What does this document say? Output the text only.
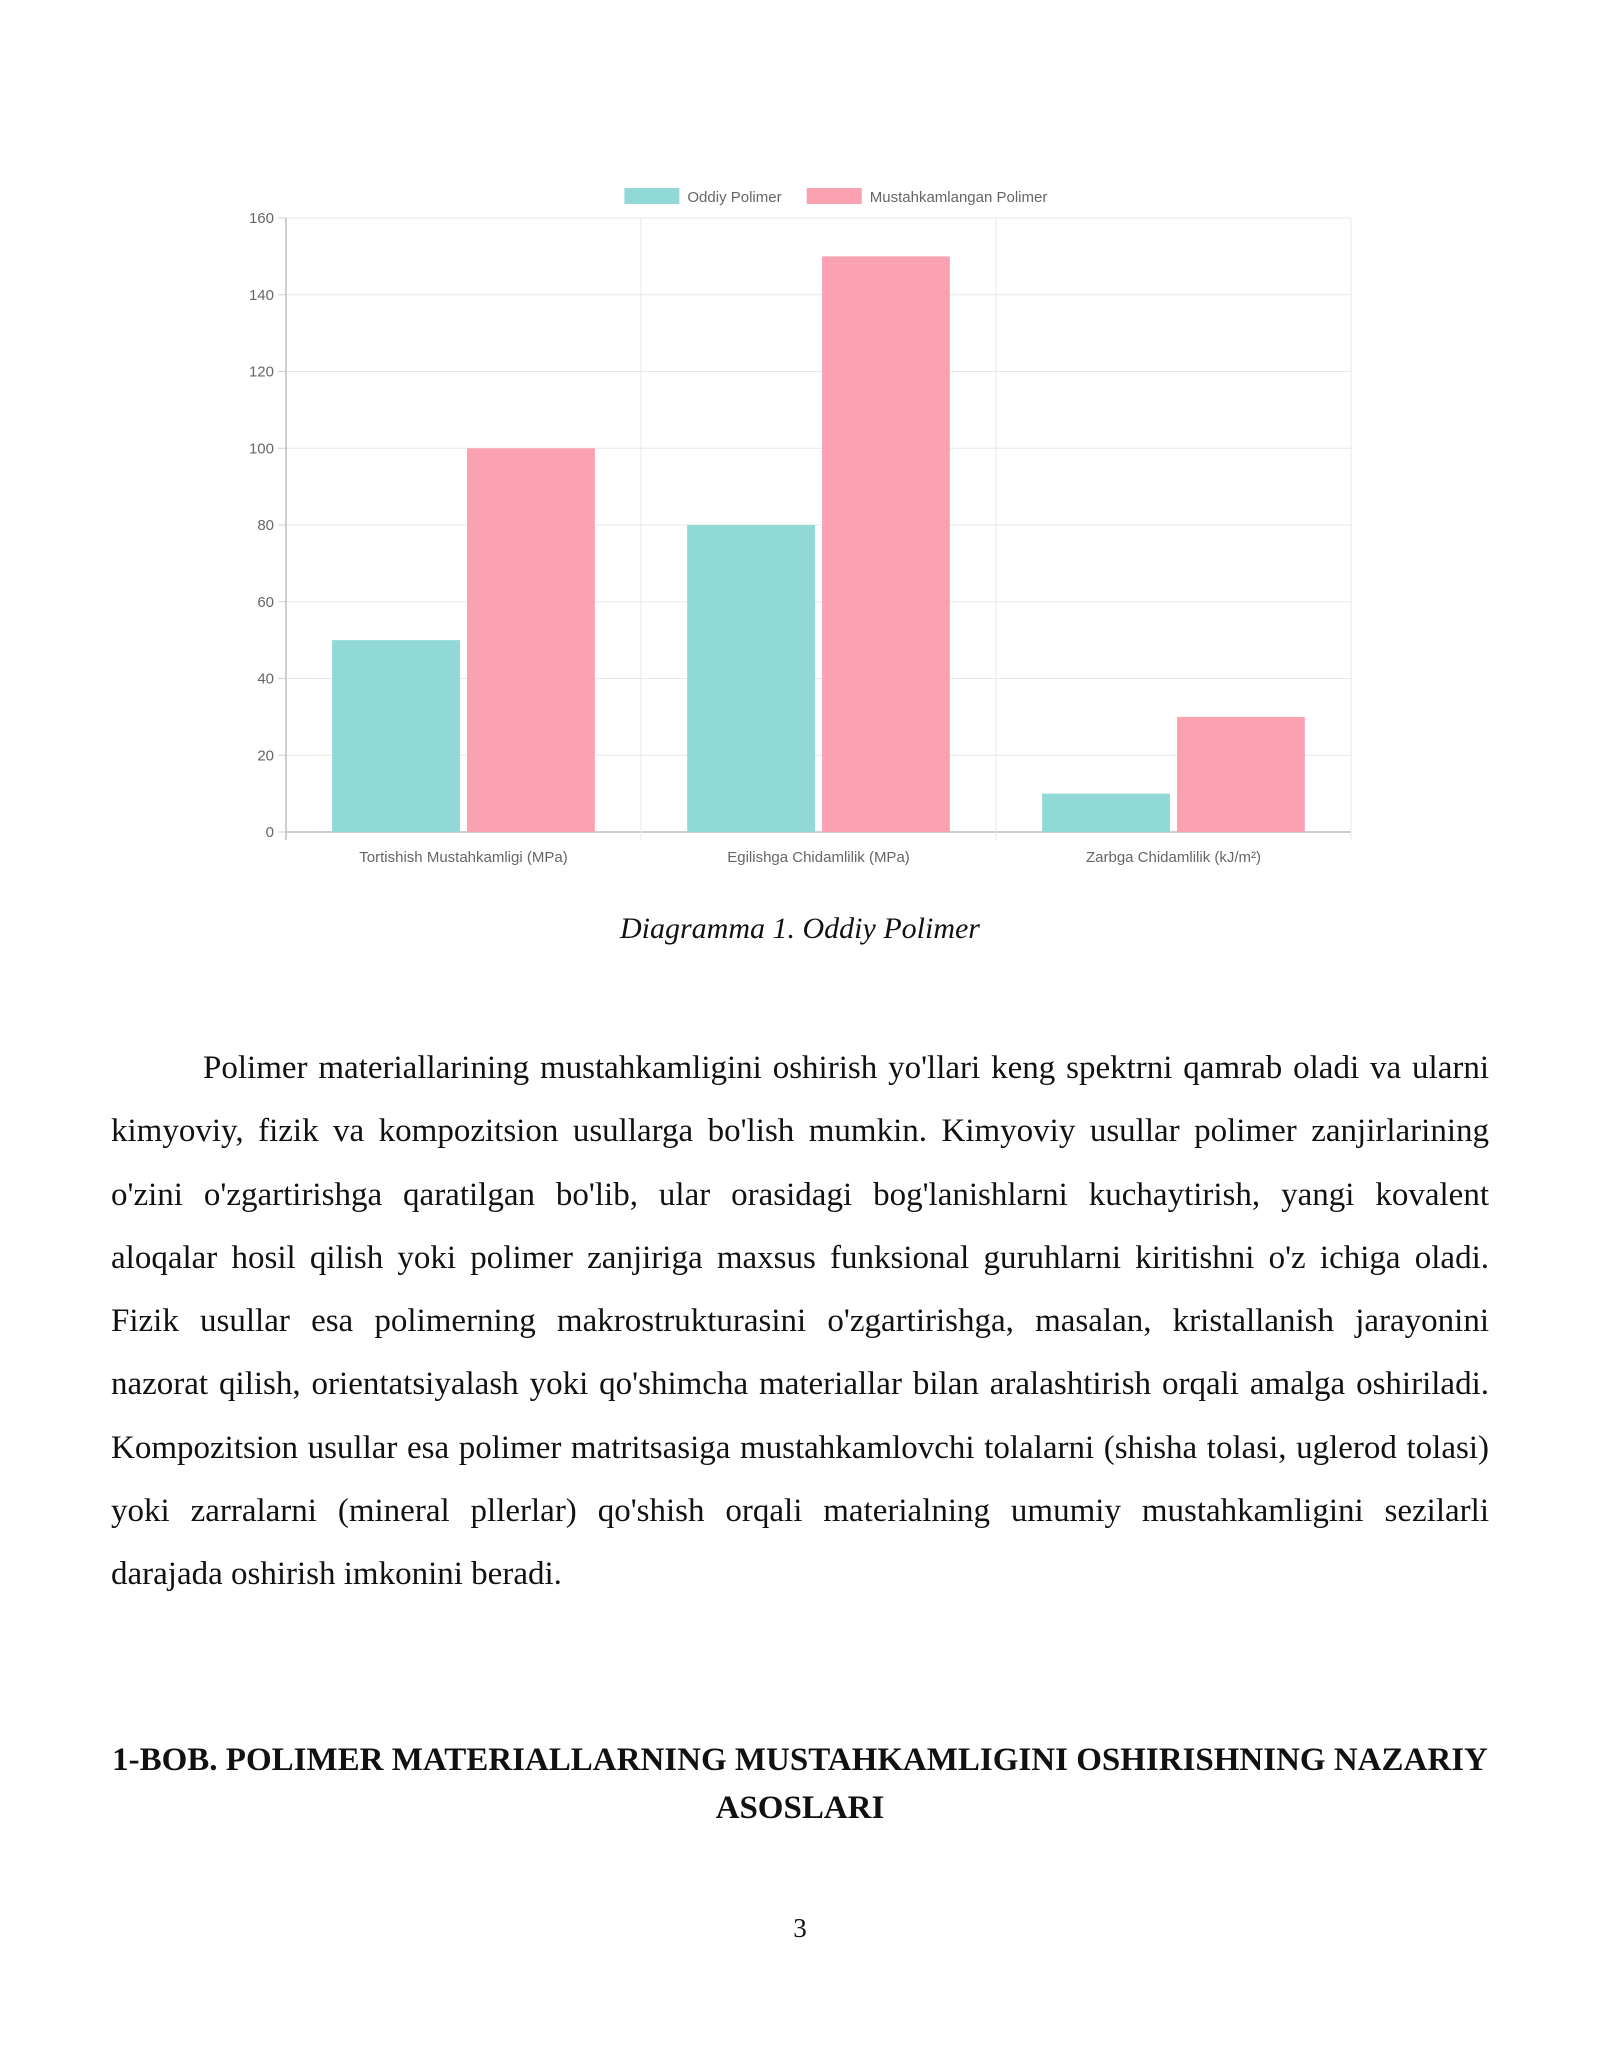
Oddiy Polimer	Mustahkamlangan Polimer
0
20
40
60
80
100
120
140
160
Tortishish Mustahkamligi (MPa)	Egilishga Chidamlilik (MPa)	Zarbga Chidamlilik (kJ/m²)

Diagramma 1. Oddiy Polimer

Polimer materiallarining mustahkamligini oshirish yo'llari keng spektrni qamrab oladi va ularni kimyoviy, fizik va kompozitsion usullarga bo'lish mumkin. Kimyoviy usullar polimer zanjirlarining o'zini o'zgartirishga qaratilgan bo'lib, ular orasidagi bog'lanishlarni kuchaytirish, yangi kovalent aloqalar hosil qilish yoki polimer zanjiriga maxsus funksional guruhlarni kiritishni o'z ichiga oladi. Fizik usullar esa polimerning makrostrukturasini o'zgartirishga, masalan, kristallanish jarayonini nazorat qilish, orientatsiyalash yoki qo'shimcha materiallar bilan aralashtirish orqali amalga oshiriladi. Kompozitsion usullar esa polimer matritsasiga mustahkamlovchi tolalarni (shisha tolasi, uglerod tolasi) yoki zarralarni (mineral pllerlar) qo'shish orqali materialning umumiy mustahkamligini sezilarli darajada oshirish imkonini beradi.

1-BOB. POLIMER MATERIALLARNING MUSTAHKAMLIGINI OSHIRISHNING NAZARIY ASOSLARI
3
